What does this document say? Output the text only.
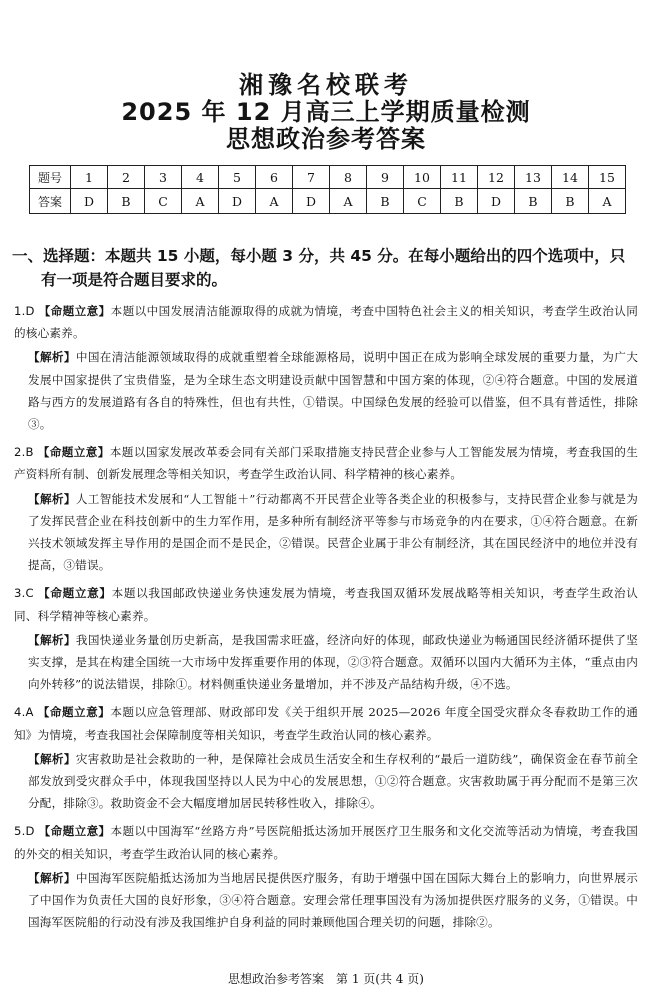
湘豫名校联考
2025 年 12 月高三上学期质量检测
思想政治参考答案
题号	1	2	3	4	5	6	7	8	9	10	11	12	13	14	15
答案	D	B	C	A	D	A	D	A	B	C	B	D	B	B	A
一、选择题：本题共 15 小题，每小题 3 分，共 45 分。在每小题给出的四个选项中，只
有一项是符合题目要求的。

1.D 【命题立意】本题以中国发展清洁能源取得的成就为情境，考查中国特色社会主义的相关知识，考查学生政治认同的核心素养。

【解析】中国在清洁能源领域取得的成就重塑着全球能源格局，说明中国正在成为影响全球发展的重要力量，为广大发展中国家提供了宝贵借鉴，是为全球生态文明建设贡献中国智慧和中国方案的体现，②④符合题意。中国的发展道路与西方的发展道路有各自的特殊性，但也有共性，①错误。中国绿色发展的经验可以借鉴，但不具有普适性，排除③。

2.B 【命题立意】本题以国家发展改革委会同有关部门采取措施支持民营企业参与人工智能发展为情境，考查我国的生产资料所有制、创新发展理念等相关知识，考查学生政治认同、科学精神的核心素养。

【解析】人工智能技术发展和“人工智能＋”行动都离不开民营企业等各类企业的积极参与，支持民营企业参与就是为了发挥民营企业在科技创新中的生力军作用，是多种所有制经济平等参与市场竞争的内在要求，①④符合题意。在新兴技术领域发挥主导作用的是国企而不是民企，②错误。民营企业属于非公有制经济，其在国民经济中的地位并没有提高，③错误。

3.C 【命题立意】本题以我国邮政快递业务快速发展为情境，考查我国双循环发展战略等相关知识，考查学生政治认同、科学精神等核心素养。

【解析】我国快递业务量创历史新高，是我国需求旺盛，经济向好的体现，邮政快递业为畅通国民经济循环提供了坚实支撑，是其在构建全国统一大市场中发挥重要作用的体现，②③符合题意。双循环以国内大循环为主体，“重点由内向外转移”的说法错误，排除①。材料侧重快递业务量增加，并不涉及产品结构升级，④不选。

4.A 【命题立意】本题以应急管理部、财政部印发《关于组织开展 2025—2026 年度全国受灾群众冬春救助工作的通知》为情境，考查我国社会保障制度等相关知识，考查学生政治认同的核心素养。

【解析】灾害救助是社会救助的一种，是保障社会成员生活安全和生存权利的“最后一道防线”，确保资金在春节前全部发放到受灾群众手中，体现我国坚持以人民为中心的发展思想，①②符合题意。灾害救助属于再分配而不是第三次分配，排除③。救助资金不会大幅度增加居民转移性收入，排除④。

5.D 【命题立意】本题以中国海军“丝路方舟”号医院船抵达汤加开展医疗卫生服务和文化交流等活动为情境，考查我国的外交的相关知识，考查学生政治认同的核心素养。

【解析】中国海军医院船抵达汤加为当地居民提供医疗服务，有助于增强中国在国际大舞台上的影响力，向世界展示了中国作为负责任大国的良好形象，③④符合题意。安理会常任理事国没有为汤加提供医疗服务的义务，①错误。中国海军医院船的行动没有涉及我国维护自身利益的同时兼顾他国合理关切的问题，排除②。

思想政治参考答案　第 1 页(共 4 页)
